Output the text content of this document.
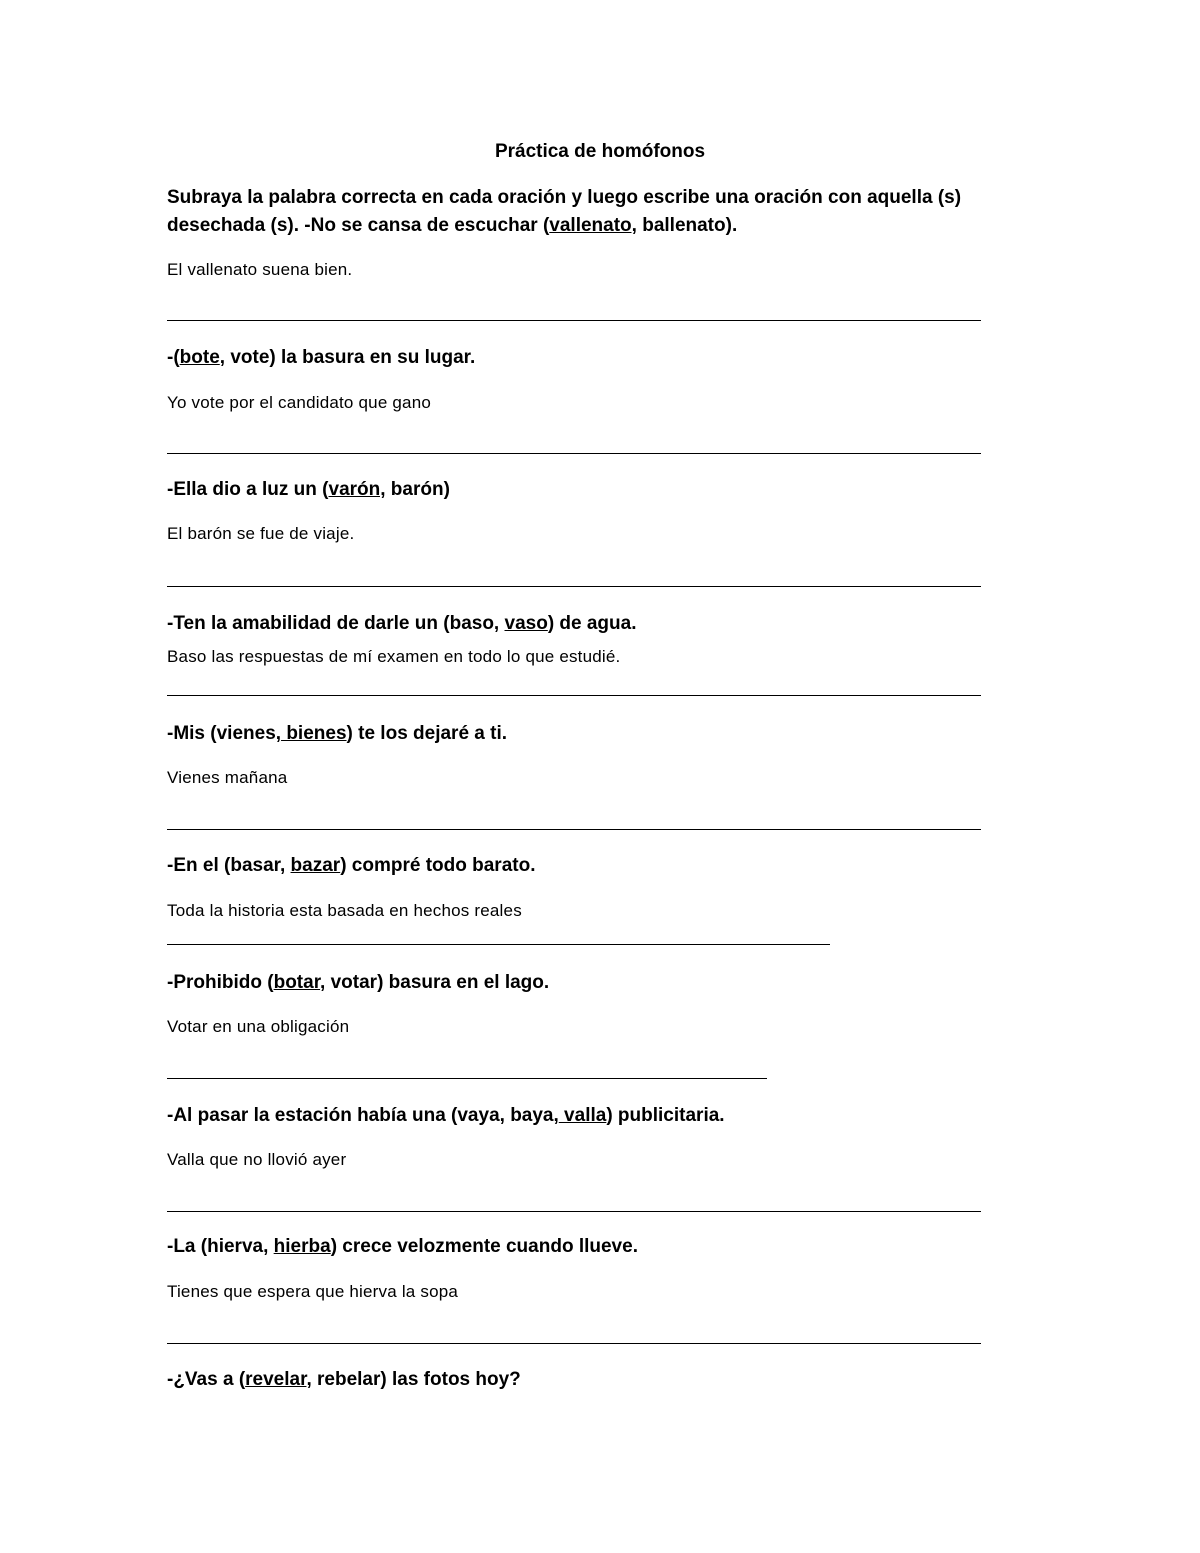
Práctica de homófonos
Subraya la palabra correcta en cada oración y luego escribe una oración con aquella (s) desechada (s). -No se cansa de escuchar (vallenato, ballenato).
El vallenato suena bien.
-(bote, vote) la basura en su lugar.
Yo vote por el candidato que gano
-Ella dio a luz un (varón, barón)
El barón se fue de viaje.
-Ten la amabilidad de darle un (baso, vaso) de agua.
Baso las respuestas de mí examen en todo lo que estudié.
-Mis (vienes, bienes) te los dejaré a ti.
Vienes mañana
-En el (basar, bazar) compré todo barato.
Toda la historia esta basada en hechos reales
-Prohibido (botar, votar) basura en el lago.
Votar en una obligación
-Al pasar la estación había una (vaya, baya, valla) publicitaria.
Valla que no llovió ayer
-La (hierva, hierba) crece velozmente cuando llueve.
Tienes que espera que hierva la sopa
-¿Vas a (revelar, rebelar) las fotos hoy?
